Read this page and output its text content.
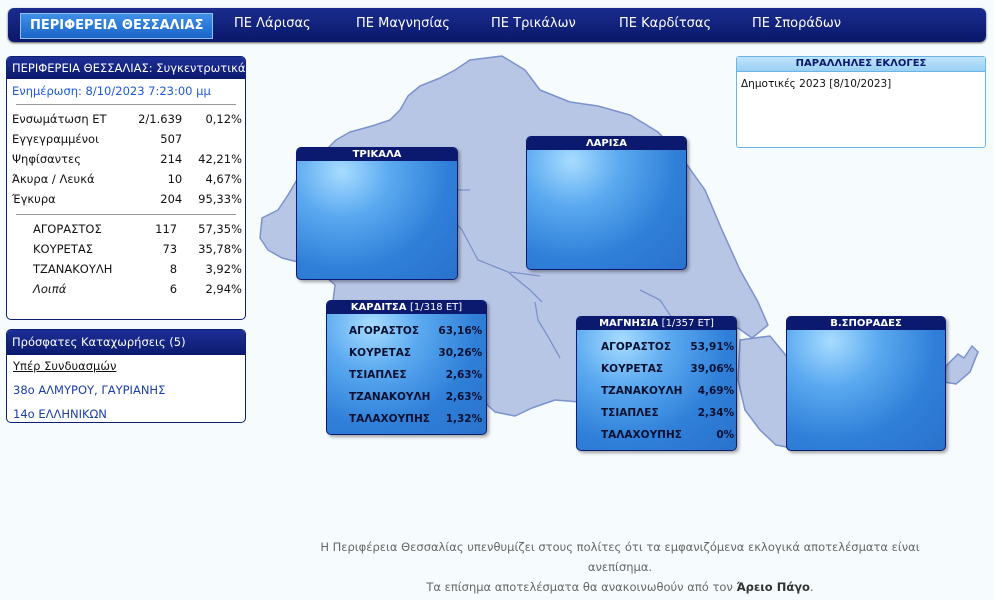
ΠΕΡΙΦΕΡΕΙΑ ΘΕΣΣΑΛΙΑΣ	ΠΕ Λάρισας	ΠΕ Μαγνησίας	ΠΕ Τρικάλων	ΠΕ Καρδίτσας	ΠΕ Σποράδων
ΠΕΡΙΦΕΡΕΙΑ ΘΕΣΣΑΛΙΑΣ: Συγκεντρωτικά
Ενημέρωση: 8/10/2023 7:23:00 μμ
Ενσωμάτωση ΕΤ	2/1.639	0,12%
Εγγεγραμμένοι	507	
Ψηφίσαντες	214	42,21%
Άκυρα / Λευκά	10	4,67%
Έγκυρα	204	95,33%
ΑΓΟΡΑΣΤΟΣ	117	57,35%
ΚΟΥΡΕΤΑΣ	73	35,78%
ΤΖΑΝΑΚΟΥΛΗ	8	3,92%
Λοιπά	6	2,94%
Πρόσφατες Καταχωρήσεις (5)
Υπέρ Συνδυασμών
38ο ΑΛΜΥΡΟΥ, ΓΑΥΡΙΑΝΗΣ
14ο ΕΛΛΗΝΙΚΩΝ
ΤΡΙΚΑΛΑ
ΛΑΡΙΣΑ
ΚΑΡΔΙΤΣΑ [1/318 ΕΤ]
ΑΓΟΡΑΣΤΟΣ	63,16%
ΚΟΥΡΕΤΑΣ	30,26%
ΤΣΙΑΠΛΕΣ	2,63%
ΤΖΑΝΑΚΟΥΛΗ	2,63%
ΤΑΛΑΧΟΥΠΗΣ	1,32%
ΜΑΓΝΗΣΙΑ [1/357 ΕΤ]
ΑΓΟΡΑΣΤΟΣ	53,91%
ΚΟΥΡΕΤΑΣ	39,06%
ΤΖΑΝΑΚΟΥΛΗ	4,69%
ΤΣΙΑΠΛΕΣ	2,34%
ΤΑΛΑΧΟΥΠΗΣ	0%
Β.ΣΠΟΡΑΔΕΣ
ΠΑΡΑΛΛΗΛΕΣ ΕΚΛΟΓΕΣ
Δημοτικές 2023 [8/10/2023]
Η Περιφέρεια Θεσσαλίας υπενθυμίζει στους πολίτες ότι τα εμφανιζόμενα εκλογικά αποτελέσματα είναι ανεπίσημα.
Τα επίσημα αποτελέσματα θα ανακοινωθούν από τον Άρειο Πάγο.
